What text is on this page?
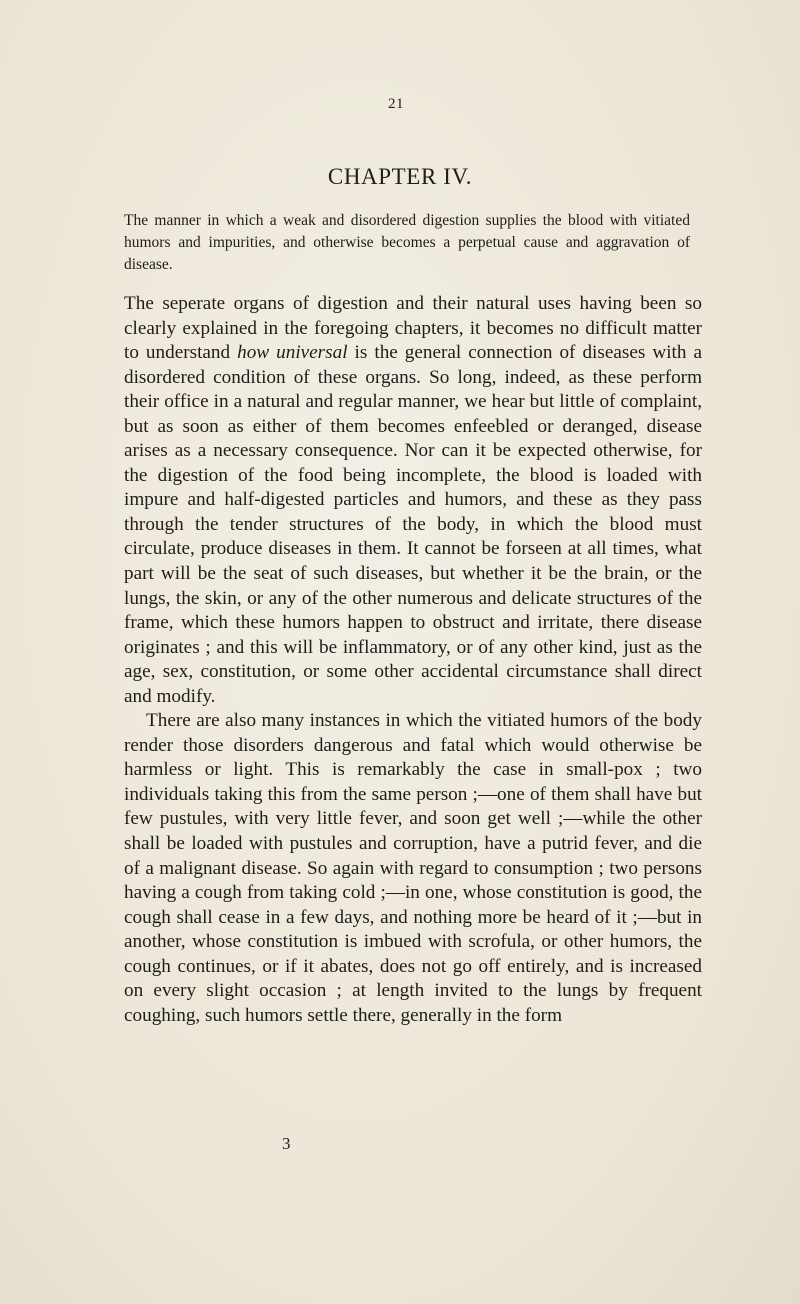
21
CHAPTER IV.
The manner in which a weak and disordered digestion supplies the blood with vitiated humors and impurities, and otherwise becomes a perpetual cause and aggravation of disease.

The seperate organs of digestion and their natural uses having been so clearly explained in the foregoing chapters, it becomes no difficult matter to understand how universal is the general connection of diseases with a disordered condition of these organs. So long, indeed, as these perform their office in a natural and regular manner, we hear but little of complaint, but as soon as either of them becomes enfeebled or deranged, disease arises as a necessary consequence. Nor can it be expected otherwise, for the digestion of the food being incomplete, the blood is loaded with impure and half-digested particles and humors, and these as they pass through the tender structures of the body, in which the blood must circulate, produce diseases in them. It cannot be forseen at all times, what part will be the seat of such diseases, but whether it be the brain, or the lungs, the skin, or any of the other numerous and delicate structures of the frame, which these humors happen to obstruct and irritate, there disease originates ; and this will be inflammatory, or of any other kind, just as the age, sex, constitution, or some other accidental circumstance shall direct and modify.

There are also many instances in which the vitiated humors of the body render those disorders dangerous and fatal which would otherwise be harmless or light. This is remarkably the case in small-pox ; two individuals taking this from the same person ;—one of them shall have but few pustules, with very little fever, and soon get well ;—while the other shall be loaded with pustules and corruption, have a putrid fever, and die of a malignant disease. So again with regard to consumption ; two persons having a cough from taking cold ;—in one, whose constitution is good, the cough shall cease in a few days, and nothing more be heard of it ;—but in another, whose constitution is imbued with scrofula, or other humors, the cough continues, or if it abates, does not go off entirely, and is increased on every slight occasion ; at length invited to the lungs by frequent coughing, such humors settle there, generally in the form

3
